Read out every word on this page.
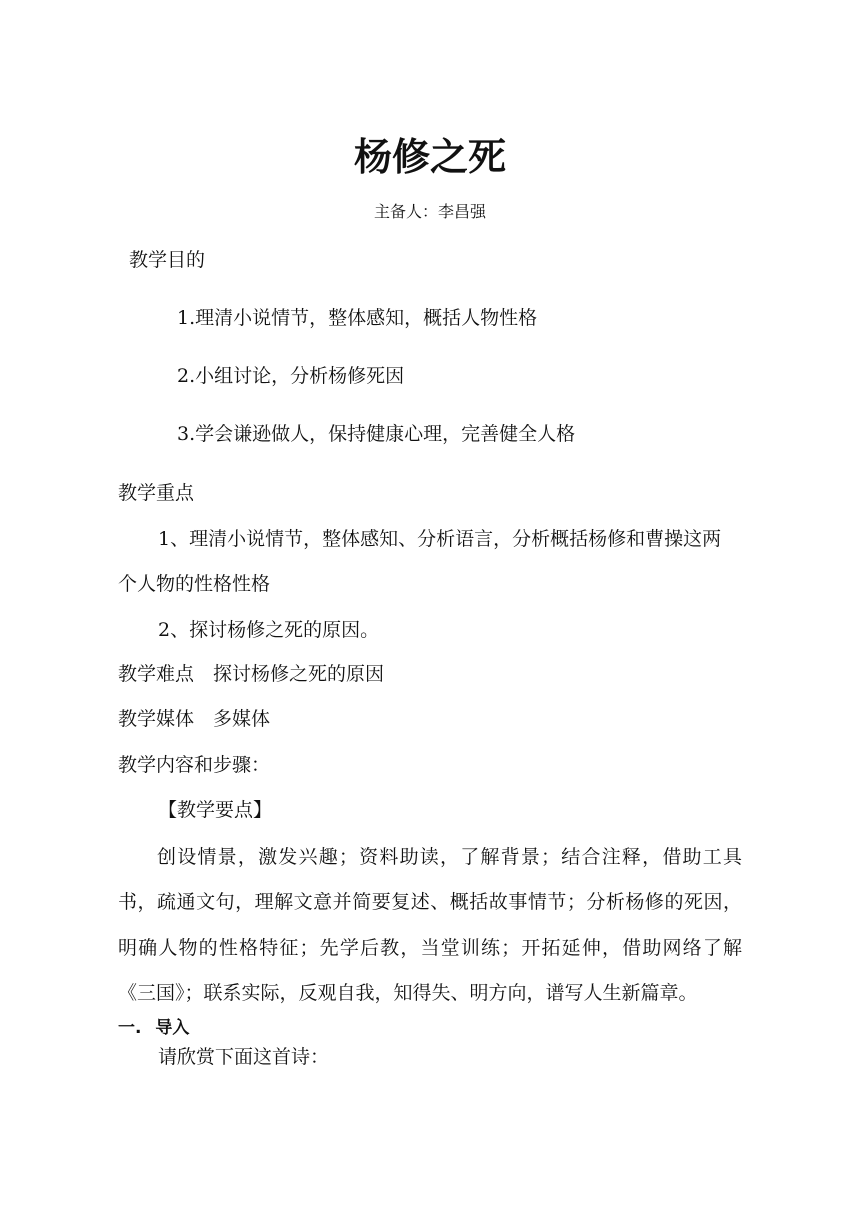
杨修之死
主备人：李昌强
教学目的
1.理清小说情节，整体感知，概括人物性格
2.小组讨论，分析杨修死因
3.学会谦逊做人，保持健康心理，完善健全人格
教学重点
1、理清小说情节，整体感知、分析语言，分析概括杨修和曹操这两
个人物的性格性格
2、探讨杨修之死的原因。
教学难点　探讨杨修之死的原因
教学媒体　多媒体
教学内容和步骤：
【教学要点】
创设情景，激发兴趣；资料助读，了解背景；结合注释，借助工具书，疏通文句，理解文意并简要复述、概括故事情节；分析杨修的死因，明确人物的性格特征；先学后教，当堂训练；开拓延伸，借助网络了解《三国》；联系实际，反观自我，知得失、明方向，谱写人生新篇章。
一. 导入
请欣赏下面这首诗：
